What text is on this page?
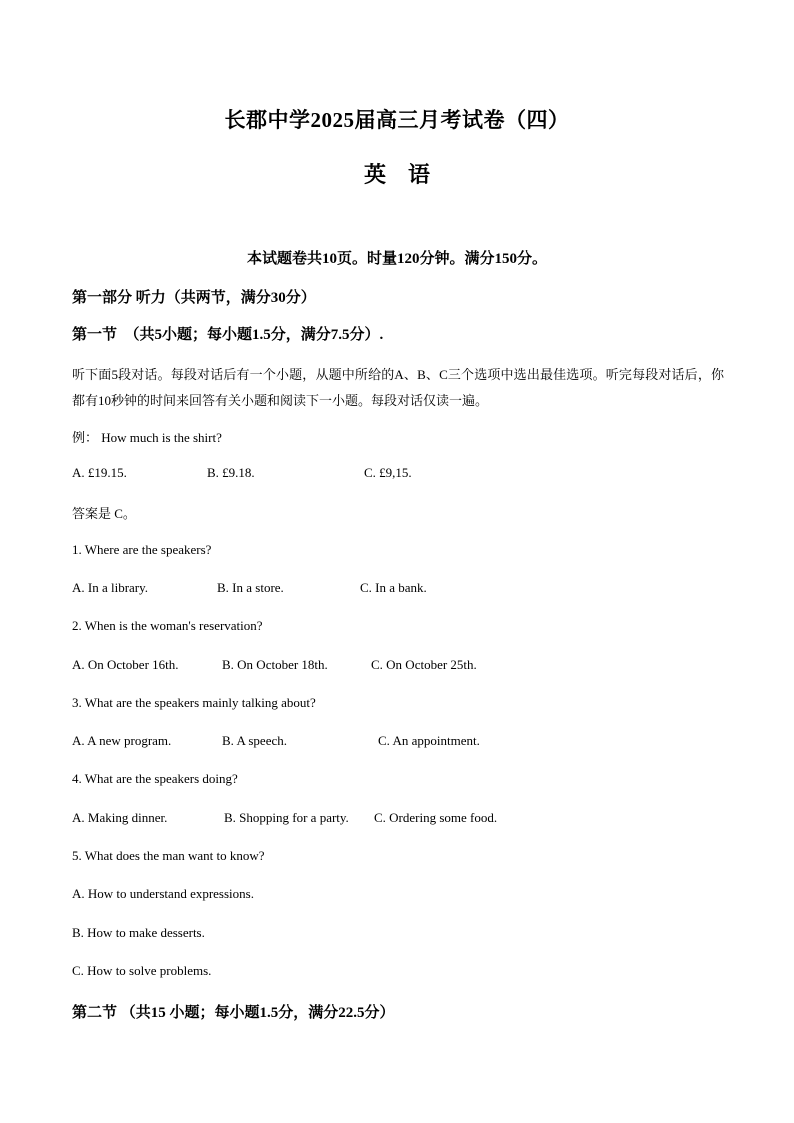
长郡中学2025届高三月考试卷（四）
英　语
本试题卷共10页。时量120分钟。满分150分。
第一部分 听力（共两节，满分30分）
第一节　（共5小题；每小题1.5分，满分7.5分）.
听下面5段对话。每段对话后有一个小题，从题中所给的A、B、C三个选项中选出最佳选项。听完每段对话后，你都有10秒钟的时间来回答有关小题和阅读下一小题。每段对话仅读一遍。
例： How much is the shirt?
A. £19.15.	B. £9.18.	C. £9,15.
答案是 C。
1. Where are the speakers?
A. In a library.	B. In a store.	C. In a bank.
2. When is the woman's reservation?
A. On October 16th.	B. On October 18th.	C. On October 25th.
3. What are the speakers mainly talking about?
A. A new program.	B. A speech.	C. An appointment.
4. What are the speakers doing?
A. Making dinner.	B. Shopping for a party. C. Ordering some food.
5. What does the man want to know?
A. How to understand expressions.
B. How to make desserts.
C. How to solve problems.
第二节 （共15 小题；每小题1.5分，满分22.5分）
